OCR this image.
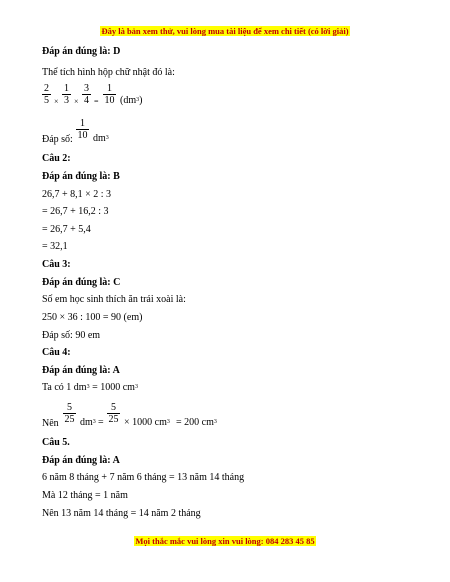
Đây là bản xem thử, vui lòng mua tài liệu để xem chi tiết (có lời giải)
Đáp án đúng là: D
Thể tích hình hộp chữ nhật đó là:
2
5 ×
1
3 ×
3
4 =
1
10 $(dm^3)$
Đáp số:
1
10 $dm^3$
Câu 2:
Đáp án đúng là: B
26,7 + 8,1 × 2 : 3
= 26,7 + 16,2 : 3
= 26,7 + 5,4
= 32,1
Câu 3:
Đáp án đúng là: C
Số em học sinh thích ăn trái xoài là:
250 × 36 : 100 = 90 (em)
Đáp số: 90 em
Câu 4:
Đáp án đúng là: A
Ta có 1 $dm^3 = 1000$ $cm^3$
Nên
5
25 $dm^3$ =
5
25 × 1000 $cm^3 = 200$ $cm^3$
Câu 5.
Đáp án đúng là: A
6 năm 8 tháng + 7 năm 6 tháng = 13 năm 14 tháng
Mà 12 tháng = 1 năm
Nên 13 năm 14 tháng = 14 năm 2 tháng
Mọi thắc mắc vui lòng xin vui lòng: 084 283 45 85
